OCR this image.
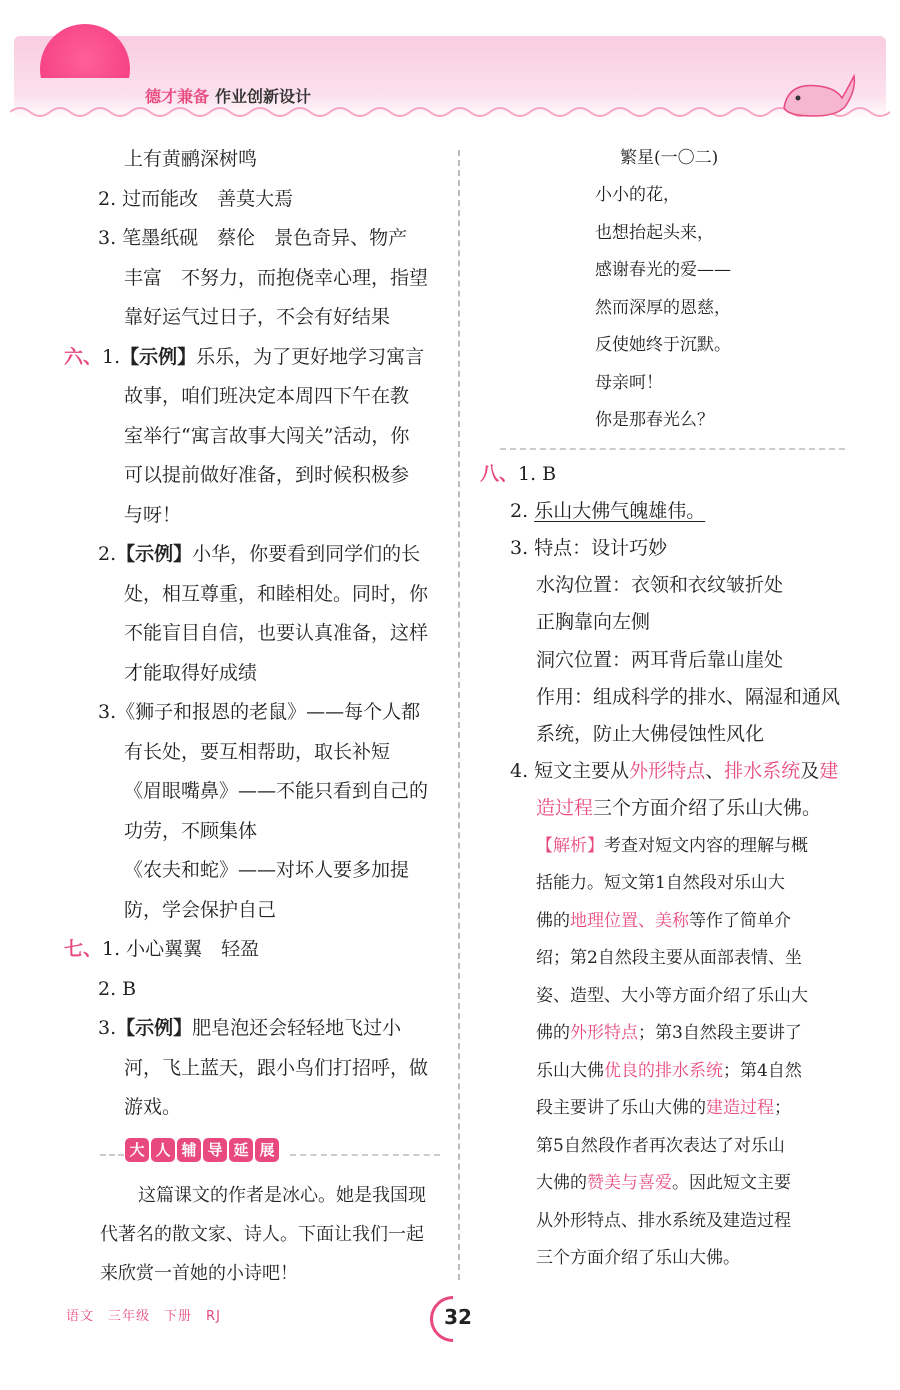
德才兼备 作业创新设计
上有黄鹂深树鸣
2. 过而能改　善莫大焉
3. 笔墨纸砚　蔡伦　景色奇异、物产
丰富　不努力，而抱侥幸心理，指望
靠好运气过日子，不会有好结果
六、1.【示例】乐乐，为了更好地学习寓言
故事，咱们班决定本周四下午在教
室举行“寓言故事大闯关”活动，你
可以提前做好准备，到时候积极参
与呀！
2.【示例】小华，你要看到同学们的长
处，相互尊重，和睦相处。同时，你
不能盲目自信，也要认真准备，这样
才能取得好成绩
3.《狮子和报恩的老鼠》——每个人都
有长处，要互相帮助，取长补短
《眉眼嘴鼻》——不能只看到自己的
功劳，不顾集体
《农夫和蛇》——对坏人要多加提
防，学会保护自己
七、1. 小心翼翼　轻盈
2. B
3.【示例】肥皂泡还会轻轻地飞过小
河，飞上蓝天，跟小鸟们打招呼，做
游戏。
大 人 辅 导 延 展
这篇课文的作者是冰心。她是我国现代著名的散文家、诗人。下面让我们一起来欣赏一首她的小诗吧！
繁星(一〇二)
小小的花，
也想抬起头来，
感谢春光的爱——
然而深厚的恩慈，
反使她终于沉默。
母亲呵！
你是那春光么？
八、1. B
2. 乐山大佛气魄雄伟。
3. 特点：设计巧妙
水沟位置：衣领和衣纹皱折处
正胸靠向左侧
洞穴位置：两耳背后靠山崖处
作用：组成科学的排水、隔湿和通风
系统，防止大佛侵蚀性风化
4. 短文主要从外形特点、排水系统及建
造过程三个方面介绍了乐山大佛。
【解析】考查对短文内容的理解与概
括能力。短文第1自然段对乐山大
佛的地理位置、美称等作了简单介
绍；第2自然段主要从面部表情、坐
姿、造型、大小等方面介绍了乐山大
佛的外形特点；第3自然段主要讲了
乐山大佛优良的排水系统；第4自然
段主要讲了乐山大佛的建造过程；
第5自然段作者再次表达了对乐山
大佛的赞美与喜爱。因此短文主要
从外形特点、排水系统及建造过程
三个方面介绍了乐山大佛。
语文 三年级 下册 RJ	32
